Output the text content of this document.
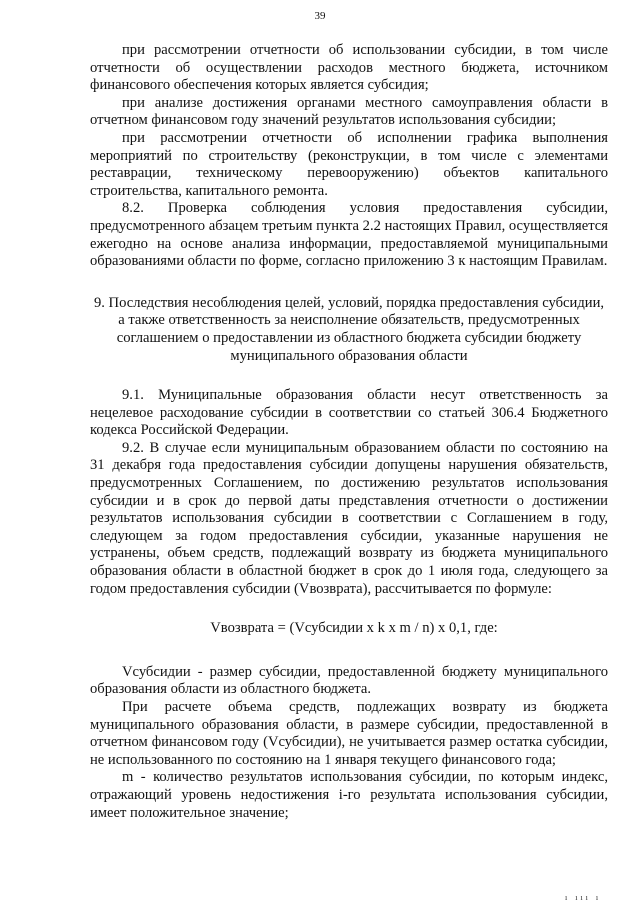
39

при рассмотрении отчетности об использовании субсидии, в том числе отчетности об осуществлении расходов местного бюджета, источником финансового обеспечения которых является субсидия;

при анализе достижения органами местного самоуправления области в отчетном финансовом году значений результатов использования субсидии;

при рассмотрении отчетности об исполнении графика выполнения мероприятий по строительству (реконструкции, в том числе с элементами реставрации, техническому перевооружению) объектов капитального строительства, капитального ремонта.

8.2. Проверка соблюдения условия предоставления субсидии, предусмотренного абзацем третьим пункта 2.2 настоящих Правил, осуществляется ежегодно на основе анализа информации, предоставляемой муниципальными образованиями области по форме, согласно приложению 3 к настоящим Правилам.

9. Последствия несоблюдения целей, условий, порядка предоставления субсидии, а также ответственность за неисполнение обязательств, предусмотренных соглашением о предоставлении из областного бюджета субсидии бюджету муниципального образования области

9.1. Муниципальные образования области несут ответственность за нецелевое расходование субсидии в соответствии со статьей 306.4 Бюджетного кодекса Российской Федерации.

9.2. В случае если муниципальным образованием области по состоянию на 31 декабря года предоставления субсидии допущены нарушения обязательств, предусмотренных Соглашением, по достижению результатов использования субсидии и в срок до первой даты представления отчетности о достижении результатов использования субсидии в соответствии с Соглашением в году, следующем за годом предоставления субсидии, указанные нарушения не устранены, объем средств, подлежащий возврату из бюджета муниципального образования области в областной бюджет в срок до 1 июля года, следующего за годом предоставления субсидии (Vвозврата), рассчитывается по формуле:

Vвозврата = (Vсубсидии x k x m / n) x 0,1, где:

Vсубсидии - размер субсидии, предоставленной бюджету муниципального образования области из областного бюджета.

При расчете объема средств, подлежащих возврату из бюджета муниципального образования области, в размере субсидии, предоставленной в отчетном финансовом году (Vсубсидии), не учитывается размер остатка субсидии, не использованного по состоянию на 1 января текущего финансового года;

m - количество результатов использования субсидии, по которым индекс, отражающий уровень недостижения i-го результата использования субсидии, имеет положительное значение;

ı ııı ı
